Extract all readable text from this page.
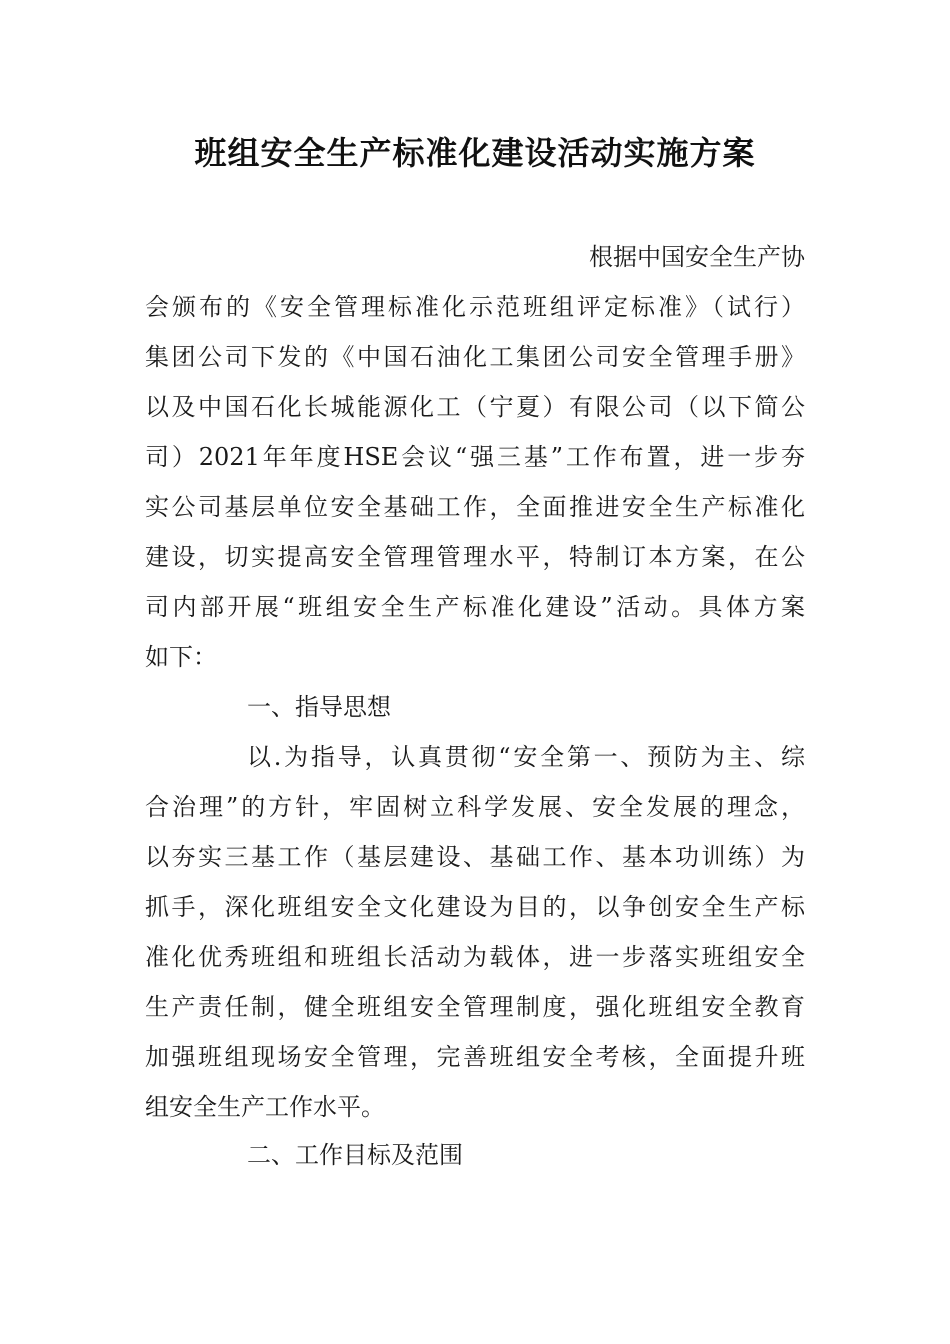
班组安全生产标准化建设活动实施方案
根据中国安全生产协
会颁布的《安全管理标准化示范班组评定标准》（试行）
集团公司下发的《中国石油化工集团公司安全管理手册》
以及中国石化长城能源化工（宁夏）有限公司（以下简公
司）2021年年度HSE会议“强三基”工作布置，进一步夯
实公司基层单位安全基础工作，全面推进安全生产标准化
建设，切实提高安全管理管理水平，特制订本方案，在公
司内部开展“班组安全生产标准化建设”活动。具体方案
如下：
一、指导思想
以.为指导，认真贯彻“安全第一、预防为主、综
合治理”的方针，牢固树立科学发展、安全发展的理念，
以夯实三基工作（基层建设、基础工作、基本功训练）为
抓手，深化班组安全文化建设为目的，以争创安全生产标
准化优秀班组和班组长活动为载体，进一步落实班组安全
生产责任制，健全班组安全管理制度，强化班组安全教育
加强班组现场安全管理，完善班组安全考核，全面提升班
组安全生产工作水平。
二、工作目标及范围
